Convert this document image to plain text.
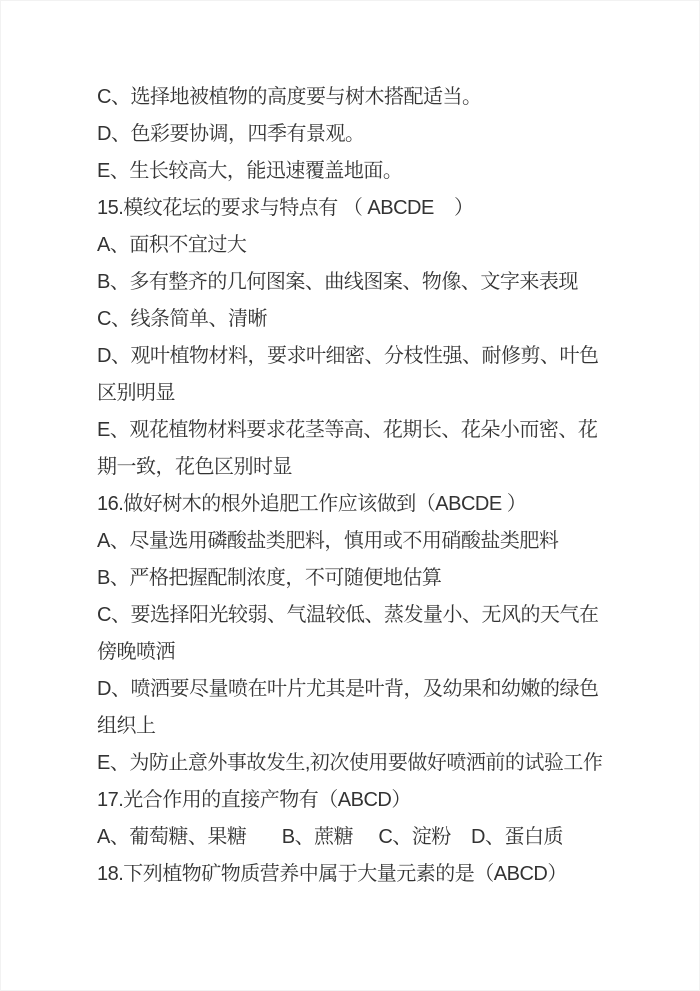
C、选择地被植物的高度要与树木搭配适当。
D、色彩要协调，四季有景观。
E、生长较高大，能迅速覆盖地面。
15.模纹花坛的要求与特点有 （ ABCDE    ）
A、面积不宜过大
B、多有整齐的几何图案、曲线图案、物像、文字来表现
C、线条简单、清晰
D、观叶植物材料，要求叶细密、分枝性强、耐修剪、叶色
区别明显
E、观花植物材料要求花茎等高、花期长、花朵小而密、花
期一致，花色区别时显
16.做好树木的根外追肥工作应该做到（ABCDE ）
A、尽量选用磷酸盐类肥料，慎用或不用硝酸盐类肥料
B、严格把握配制浓度，不可随便地估算
C、要选择阳光较弱、气温较低、蒸发量小、无风的天气在
傍晚喷洒
D、喷洒要尽量喷在叶片尤其是叶背，及幼果和幼嫩的绿色
组织上
E、为防止意外事故发生,初次使用要做好喷洒前的试验工作
17.光合作用的直接产物有（ABCD）
A、葡萄糖、果糖       B、蔗糖     C、淀粉    D、蛋白质
18.下列植物矿物质营养中属于大量元素的是（ABCD）
